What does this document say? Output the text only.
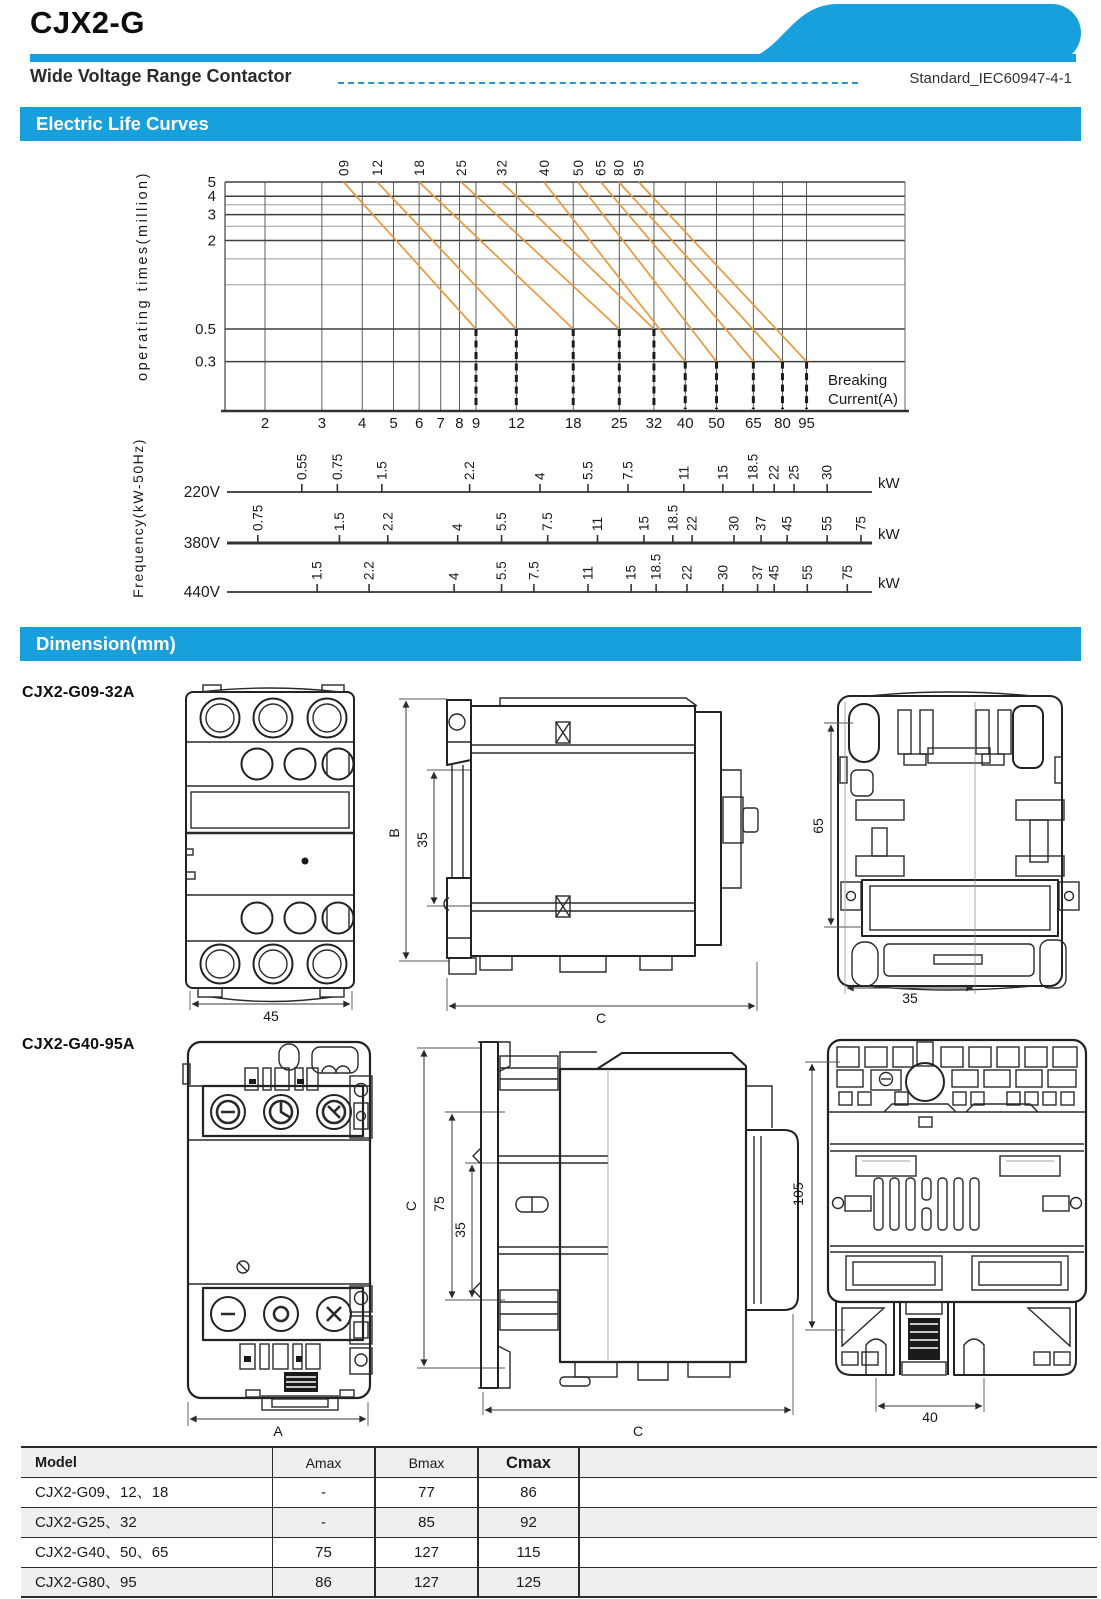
CJX2-G
Wide Voltage Range Contactor	Standard_IEC60947-4-1
Electric Life Curves
Dimension(mm)
CJX2-G09-32A
CJX2-G40-95A
2	3 4 5 6 7 8 9 12	18 25 32 40 50 65 80 95
5
4
3
2
0.5
0.3
09 12 18 25 32 40 50 65 80 95
Breaking
Current(A)
operating times(million)
220V
kW
0.55 0.75 1.5	2.2	4 5.5 7.5	11 15 18.5 22 25 30
380V
kW
0.75	1.5 2.2	4 5.5 7.5	11 15 18.5 22 30 37 45 55 75
440V
kW
1.5	2.2	4 5.5 7.5	11 15 18.5 22 30 37 45 55 75
Frequency(kW-50Hz)
45
B 35
C
65
35
A
C 75
35
C
105
40
Model	Amax	Bmax	Cmax
CJX2-G09、12、18	-	77	86
CJX2-G25、32	-	85	92
CJX2-G40、50、65	75	127	115
CJX2-G80、95	86	127	125
